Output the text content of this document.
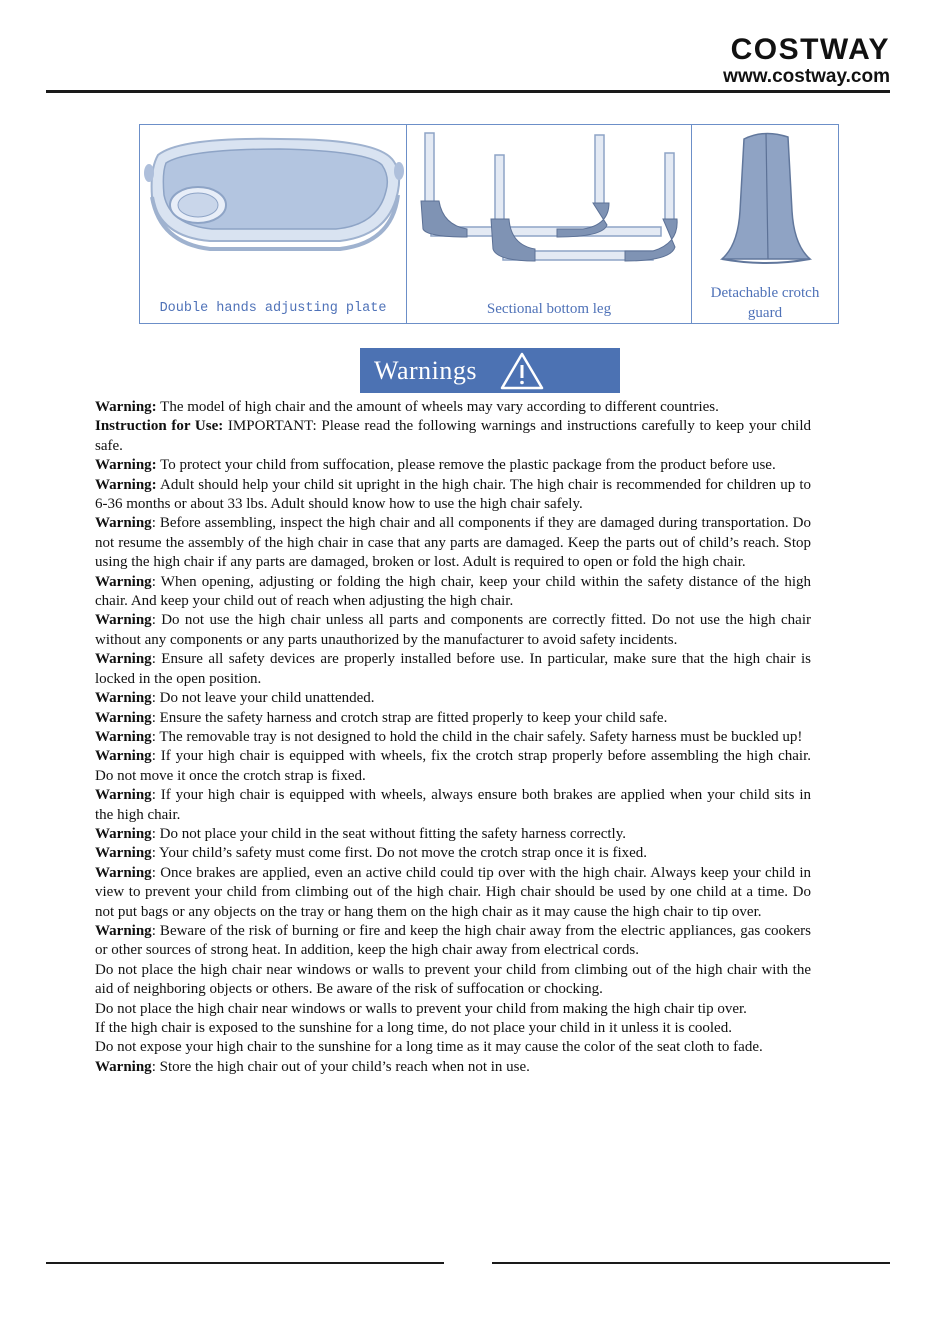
COSTWAY
www.costway.com
Double hands adjusting plate	Sectional bottom leg
Detachable crotch guard
Warnings

Warning: The model of high chair and the amount of wheels may vary according to different countries.

Instruction for Use: IMPORTANT: Please read the following warnings and instructions carefully to keep your child safe.

Warning: To protect your child from suffocation, please remove the plastic package from the product before use.

Warning: Adult should help your child sit upright in the high chair. The high chair is recommended for children up to 6-36 months or about 33 lbs. Adult should know how to use the high chair safely.

Warning: Before assembling, inspect the high chair and all components if they are damaged during transportation. Do not resume the assembly of the high chair in case that any parts are damaged. Keep the parts out of child’s reach. Stop using the high chair if any parts are damaged, broken or lost. Adult is required to open or fold the high chair.

Warning: When opening, adjusting or folding the high chair, keep your child within the safety distance of the high chair. And keep your child out of reach when adjusting the high chair.

Warning: Do not use the high chair unless all parts and components are correctly fitted. Do not use the high chair without any components or any parts unauthorized by the manufacturer to avoid safety incidents.

Warning: Ensure all safety devices are properly installed before use. In particular, make sure that the high chair is locked in the open position.

Warning: Do not leave your child unattended.

Warning: Ensure the safety harness and crotch strap are fitted properly to keep your child safe.

Warning: The removable tray is not designed to hold the child in the chair safely. Safety harness must be buckled up!

Warning: If your high chair is equipped with wheels, fix the crotch strap properly before assembling the high chair. Do not move it once the crotch strap is fixed.

Warning: If your high chair is equipped with wheels, always ensure both brakes are applied when your child sits in the high chair.

Warning: Do not place your child in the seat without fitting the safety harness correctly.

Warning: Your child’s safety must come first. Do not move the crotch strap once it is fixed.

Warning: Once brakes are applied, even an active child could tip over with the high chair. Always keep your child in view to prevent your child from climbing out of the high chair. High chair should be used by one child at a time. Do not put bags or any objects on the tray or hang them on the high chair as it may cause the high chair to tip over.

Warning: Beware of the risk of burning or fire and keep the high chair away from the electric appliances, gas cookers or other sources of strong heat. In addition, keep the high chair away from electrical cords.

Do not place the high chair near windows or walls to prevent your child from climbing out of the high chair with the aid of neighboring objects or others. Be aware of the risk of suffocation or chocking.

Do not place the high chair near windows or walls to prevent your child from making the high chair tip over.

If the high chair is exposed to the sunshine for a long time, do not place your child in it unless it is cooled.

Do not expose your high chair to the sunshine for a long time as it may cause the color of the seat cloth to fade.

Warning: Store the high chair out of your child’s reach when not in use.
